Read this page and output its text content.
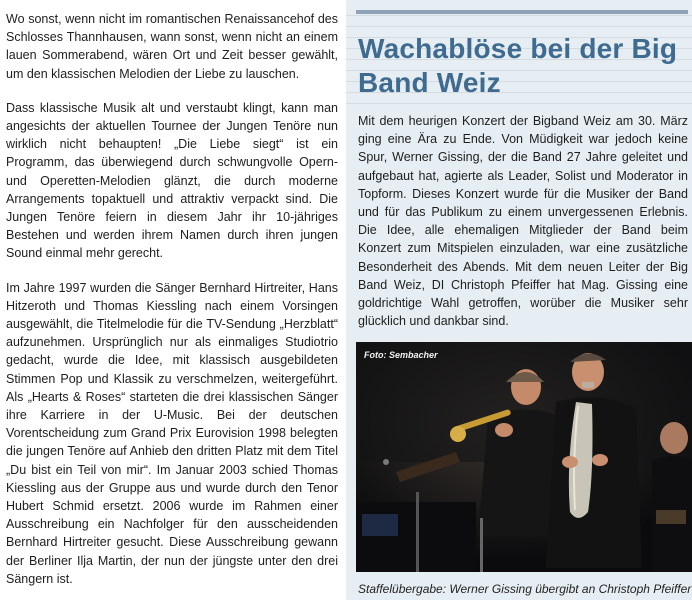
Wo sonst, wenn nicht im romantischen Renaissancehof des Schlosses Thannhausen, wann sonst, wenn nicht an einem lauen Sommerabend, wären Ort und Zeit besser gewählt, um den klassischen Melodien der Liebe zu lauschen.

Dass klassische Musik alt und verstaubt klingt, kann man angesichts der aktuellen Tournee der Jungen Tenöre nun wirklich nicht behaupten! „Die Liebe siegt“ ist ein Programm, das überwiegend durch schwungvolle Opern- und Operetten-Melodien glänzt, die durch moderne Arrangements topaktuell und attraktiv verpackt sind. Die Jungen Tenöre feiern in diesem Jahr ihr 10-jähriges Bestehen und werden ihrem Namen durch ihren jungen Sound einmal mehr gerecht.

Im Jahre 1997 wurden die Sänger Bernhard Hirtreiter, Hans Hitzeroth und Thomas Kiessling nach einem Vorsingen ausgewählt, die Titelmelodie für die TV-Sendung „Herzblatt“ aufzunehmen. Ursprünglich nur als einmaliges Studiotrio gedacht, wurde die Idee, mit klassisch ausgebildeten Stimmen Pop und Klassik zu verschmelzen, weitergeführt. Als „Hearts & Roses“ starteten die drei klassischen Sänger ihre Karriere in der U-Music. Bei der deutschen Vorentscheidung zum Grand Prix Eurovision 1998 belegten die jungen Tenöre auf Anhieb den dritten Platz mit dem Titel „Du bist ein Teil von mir“. Im Januar 2003 schied Thomas Kiessling aus der Gruppe aus und wurde durch den Tenor Hubert Schmid ersetzt. 2006 wurde im Rahmen einer Ausschreibung ein Nachfolger für den ausscheidenden Bernhard Hirtreiter gesucht. Diese Ausschreibung gewann der Berliner Ilja Martin, der nun der jüngste unter den drei Sängern ist.

Wachablöse bei der Big Band Weiz

Mit dem heurigen Konzert der Bigband Weiz am 30. März ging eine Ära zu Ende. Von Müdigkeit war jedoch keine Spur, Werner Gissing, der die Band 27 Jahre geleitet und aufgebaut hat, agierte als Leader, Solist und Moderator in Topform. Dieses Konzert wurde für die Musiker der Band und für das Publikum zu einem unvergessenen Erlebnis. Die Idee, alle ehemaligen Mitglieder der Band beim Konzert zum Mitspielen einzuladen, war eine zusätzliche Besonderheit des Abends. Mit dem neuen Leiter der Big Band Weiz, DI Christoph Pfeiffer hat Mag. Gissing eine goldrichtige Wahl getroffen, worüber die Musiker sehr glücklich und dankbar sind.

Foto: Sembacher
Staffelübergabe: Werner Gissing übergibt an Christoph Pfeiffer
